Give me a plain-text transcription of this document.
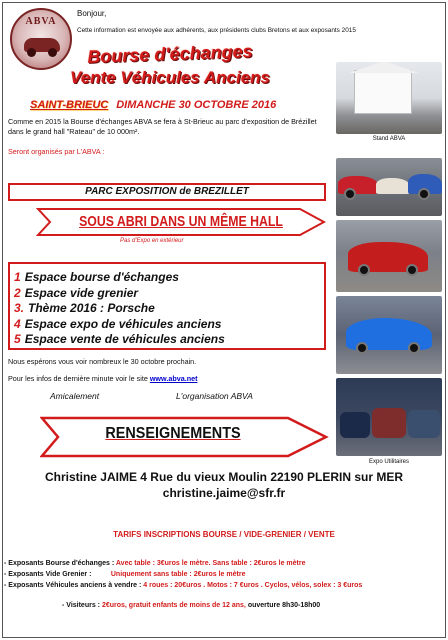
ABVA
Bonjour,
Cette information est envoyée aux adhérents, aux présidents clubs Bretons et aux exposants 2015
Bourse d'échanges
Vente Véhicules Anciens
SAINT-BRIEUC DIMANCHE 30 OCTOBRE 2016
Comme en 2015 la Bourse d'échanges ABVA se fera à St-Brieuc au parc d'exposition de Brézillet dans le grand hall "Rateau" de 10 000m².
Seront organisés par L'ABVA :
Stand ABVA
Expo Utilitaires
PARC EXPOSITION de BREZILLET
SOUS ABRI DANS UN MÊME HALL
Pas d'Expo en extérieur
1 Espace bourse d'échanges
2 Espace vide grenier
3. Thème 2016 : Porsche
4 Espace expo de véhicules anciens
5 Espace vente de véhicules anciens
Nous espérons vous voir nombreux le 30 octobre prochain.
Pour les infos de dernière minute voir le site www.abva.net
Amicalement	L'organisation ABVA
RENSEIGNEMENTS
Christine JAIME 4 Rue du vieux Moulin 22190 PLERIN sur MER
christine.jaime@sfr.fr
TARIFS INSCRIPTIONS BOURSE / VIDE-GRENIER / VENTE
- Exposants Bourse d'échanges : Avec table : 3€uros le mètre. Sans table : 2€uros le mètre
- Exposants Vide Grenier :          Uniquement sans table : 2€uros le mètre
- Exposants Véhicules anciens à vendre : 4 roues : 20€uros . Motos : 7 €uros . Cyclos, vélos, solex : 3 €uros
- Visiteurs : 2€uros, gratuit enfants de moins de 12 ans, ouverture 8h30-18h00
